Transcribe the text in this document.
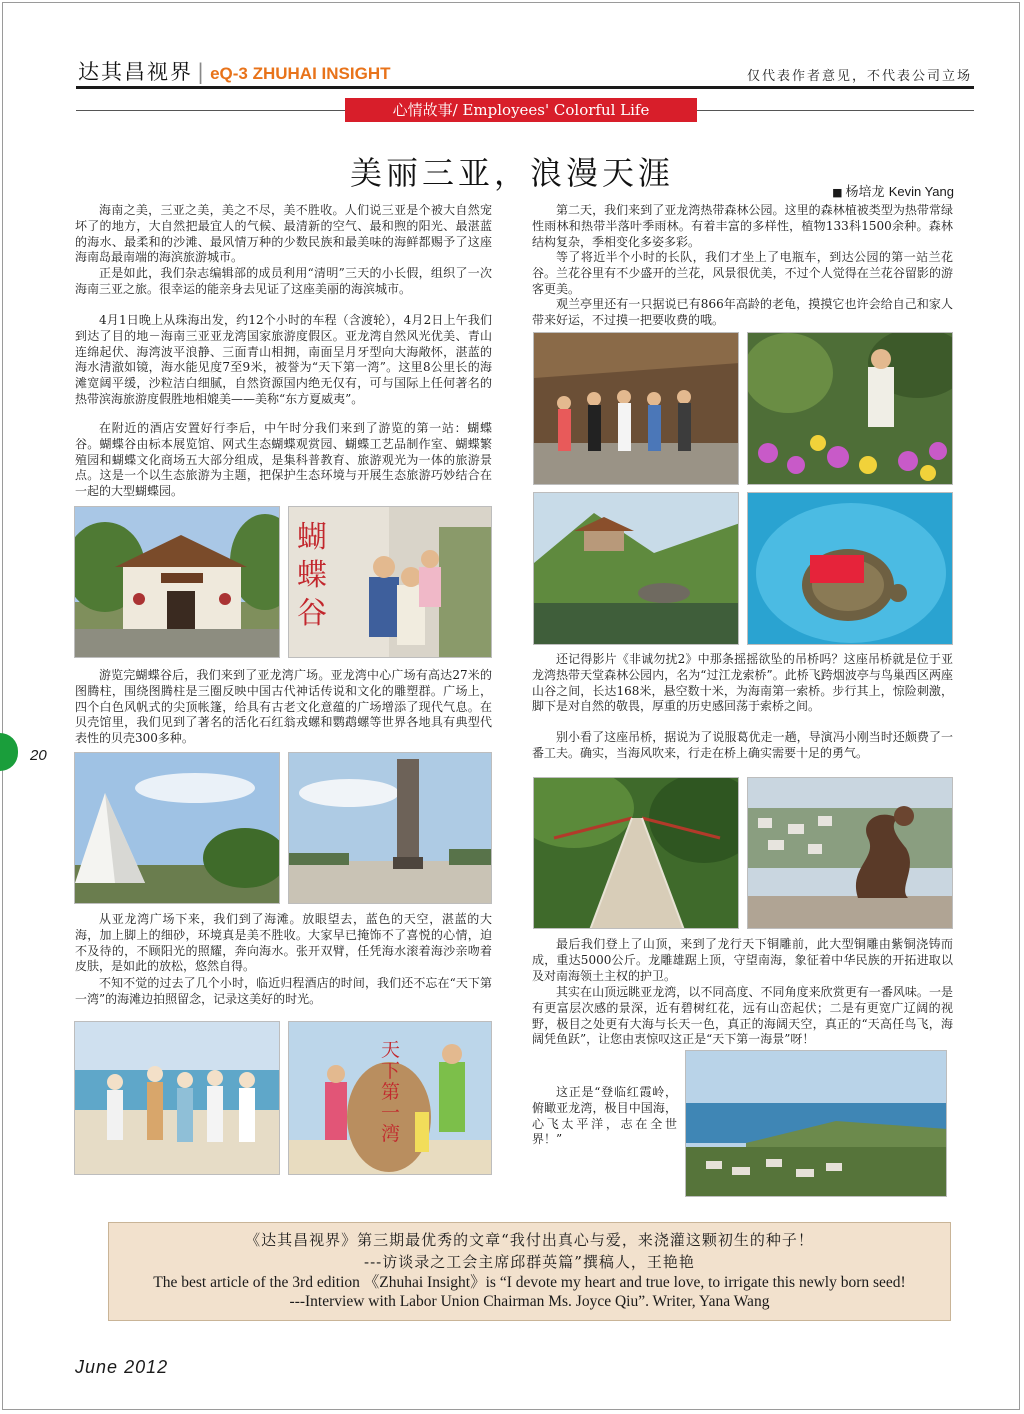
达其昌视界 | eQ-3 ZHUHAI INSIGHT	仅代表作者意见，不代表公司立场
心情故事/ Employees' Colorful Life
美丽三亚，浪漫天涯
■ 杨培龙 Kevin Yang

海南之美，三亚之美，美之不尽，美不胜收。人们说三亚是个被大自然宠坏了的地方，大自然把最宜人的气候、最清新的空气、最和煦的阳光、最湛蓝的海水、最柔和的沙滩、最风情万种的少数民族和最美味的海鲜都赐予了这座海南岛最南端的海滨旅游城市。

正是如此，我们杂志编辑部的成员利用“清明”三天的小长假，组织了一次海南三亚之旅。很幸运的能亲身去见证了这座美丽的海滨城市。

4月1日晚上从珠海出发，约12个小时的车程（含渡轮），4月2日上午我们到达了目的地－海南三亚亚龙湾国家旅游度假区。亚龙湾自然风光优美、青山连绵起伏、海湾波平浪静、三面青山相拥，南面呈月牙型向大海敞怀，湛蓝的海水清澈如镜，海水能见度7至9米，被誉为“天下第一湾”。这里8公里长的海滩宽阔平缓，沙粒洁白细腻，自然资源国内绝无仅有，可与国际上任何著名的热带滨海旅游度假胜地相媲美——美称“东方夏威夷”。

在附近的酒店安置好行李后，中午时分我们来到了游览的第一站：蝴蝶谷。蝴蝶谷由标本展览馆、网式生态蝴蝶观赏园、蝴蝶工艺品制作室、蝴蝶繁殖园和蝴蝶文化商场五大部分组成，是集科普教育、旅游观光为一体的旅游景点。这是一个以生态旅游为主题，把保护生态环境与开展生态旅游巧妙结合在一起的大型蝴蝶园。

蝴蝶谷

游览完蝴蝶谷后，我们来到了亚龙湾广场。亚龙湾中心广场有高达27米的图腾柱，围绕图腾柱是三圈反映中国古代神话传说和文化的雕塑群。广场上，四个白色风帆式的尖顶帐篷，给具有古老文化意蕴的广场增添了现代气息。在贝壳馆里，我们见到了著名的活化石红翁戎螺和鹦鹉螺等世界各地具有典型代表性的贝壳300多种。

从亚龙湾广场下来，我们到了海滩。放眼望去，蓝色的天空，湛蓝的大海，加上脚上的细砂，环境真是美不胜收。大家早已掩饰不了喜悦的心情，迫不及待的，不顾阳光的照耀，奔向海水。张开双臂，任凭海水滚着海沙亲吻着皮肤，是如此的放松，悠然自得。

不知不觉的过去了几个小时，临近归程酒店的时间，我们还不忘在“天下第一湾”的海滩边拍照留念，记录这美好的时光。

天下第一湾

第二天，我们来到了亚龙湾热带森林公园。这里的森林植被类型为热带常绿性雨林和热带半落叶季雨林。有着丰富的多样性，植物133科1500余种。森林结构复杂，季相变化多姿多彩。

等了将近半个小时的长队，我们才坐上了电瓶车，到达公园的第一站兰花谷。兰花谷里有不少盛开的兰花，风景很优美，不过个人觉得在兰花谷留影的游客更美。

观兰亭里还有一只据说已有866年高龄的老龟，摸摸它也许会给自己和家人带来好运，不过摸一把要收费的哦。

还记得影片《非诚勿扰2》中那条摇摇欲坠的吊桥吗？这座吊桥就是位于亚龙湾热带天堂森林公园内，名为“过江龙索桥”。此桥飞跨烟波亭与鸟巢西区两座山谷之间，长达168米，悬空数十米，为海南第一索桥。步行其上，惊险刺激，脚下是对自然的敬畏，厚重的历史感回荡于索桥之间。

别小看了这座吊桥，据说为了说服葛优走一趟，导演冯小刚当时还颇费了一番工夫。确实，当海风吹来，行走在桥上确实需要十足的勇气。

最后我们登上了山顶，来到了龙行天下铜雕前，此大型铜雕由紫铜浇铸而成，重达5000公斤。龙雕雄踞上顶，守望南海，象征着中华民族的开拓进取以及对南海领土主权的护卫。

其实在山顶远眺亚龙湾，以不同高度、不同角度来欣赏更有一番风味。一是有更富层次感的景深，近有碧树红花，远有山峦起伏；二是有更宽广辽阔的视野，极目之处更有大海与长天一色，真正的海阔天空，真正的“天高任鸟飞，海阔凭鱼跃”，让您由衷惊叹这正是“天下第一海景”呀！

这正是“登临红霞岭，俯瞰亚龙湾，极目中国海，心飞太平洋，志在全世界！”

20
《达其昌视界》第三期最优秀的文章“我付出真心与爱，来浇灌这颗初生的种子！
---访谈录之工会主席邱群英篇”撰稿人，王艳艳
The best article of the 3rd edition 《Zhuhai Insight》is “I devote my heart and true love, to irrigate this newly born seed!
---Interview with Labor Union Chairman Ms. Joyce Qiu”. Writer, Yana Wang
June 2012
